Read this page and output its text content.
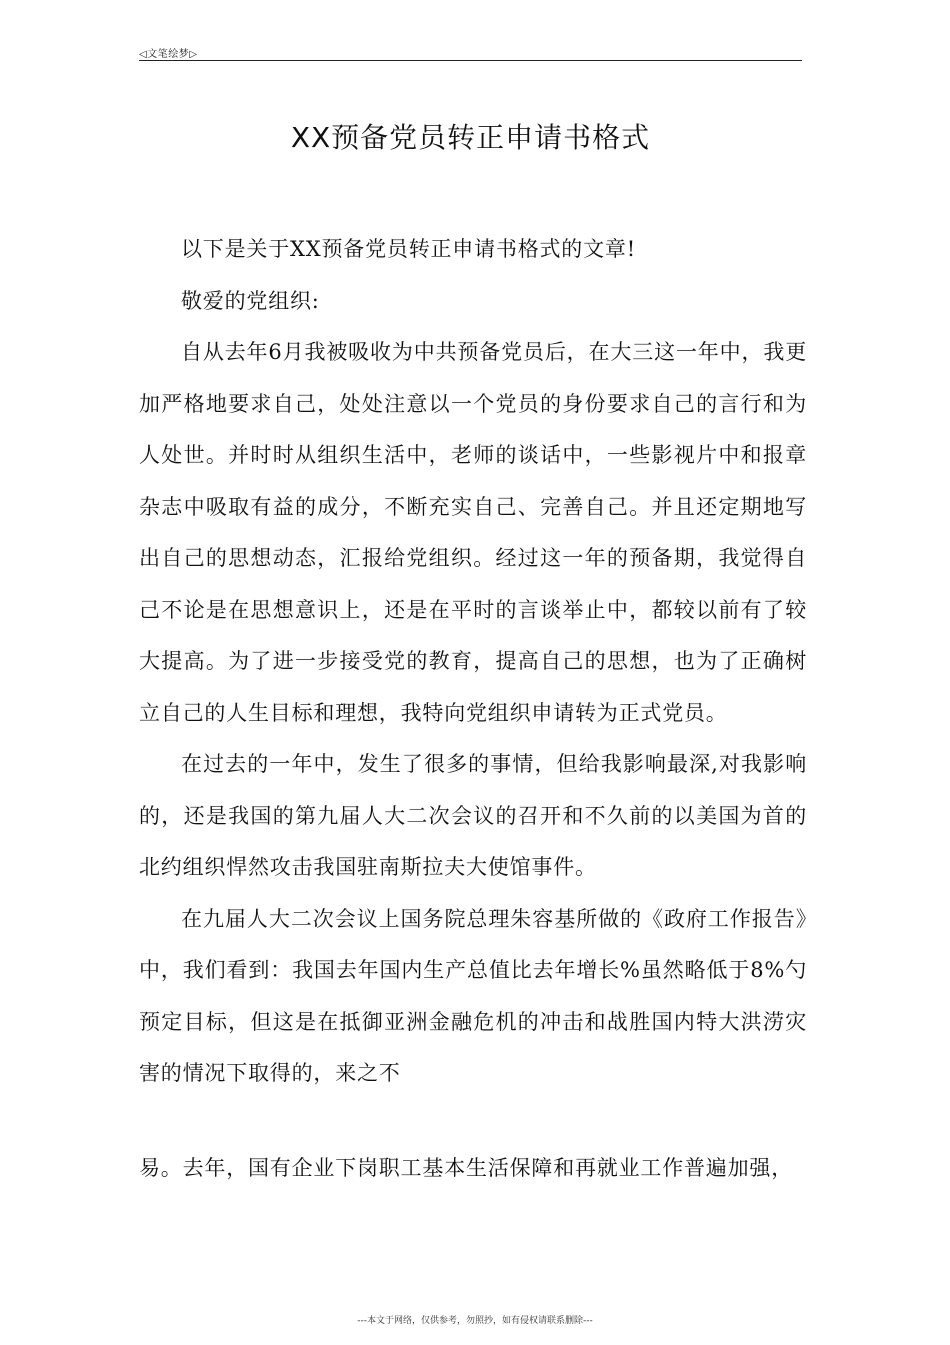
◁文笔绘梦▷
XX预备党员转正申请书格式

以下是关于XX预备党员转正申请书格式的文章!

敬爱的党组织:

自从去年6月我被吸收为中共预备党员后，在大三这一年中，我更加严格地要求自己，处处注意以一个党员的身份要求自己的言行和为人处世。并时时从组织生活中，老师的谈话中，一些影视片中和报章杂志中吸取有益的成分，不断充实自己、完善自己。并且还定期地写出自己的思想动态，汇报给党组织。经过这一年的预备期，我觉得自己不论是在思想意识上，还是在平时的言谈举止中，都较以前有了较大提高。为了进一步接受党的教育，提高自己的思想，也为了正确树立自己的人生目标和理想，我特向党组织申请转为正式党员。

在过去的一年中，发生了很多的事情，但给我影响最深,对我影响的，还是我国的第九届人大二次会议的召开和不久前的以美国为首的北约组织悍然攻击我国驻南斯拉夫大使馆事件。

在九届人大二次会议上国务院总理朱容基所做的《政府工作报告》中，我们看到：我国去年国内生产总值比去年增长%虽然略低于8%勺预定目标，但这是在抵御亚洲金融危机的冲击和战胜国内特大洪涝灾害的情况下取得的，来之不

易。去年，国有企业下岗职工基本生活保障和再就业工作普遍加强，
---本文于网络，仅供参考，勿照抄，如有侵权请联系删除---
